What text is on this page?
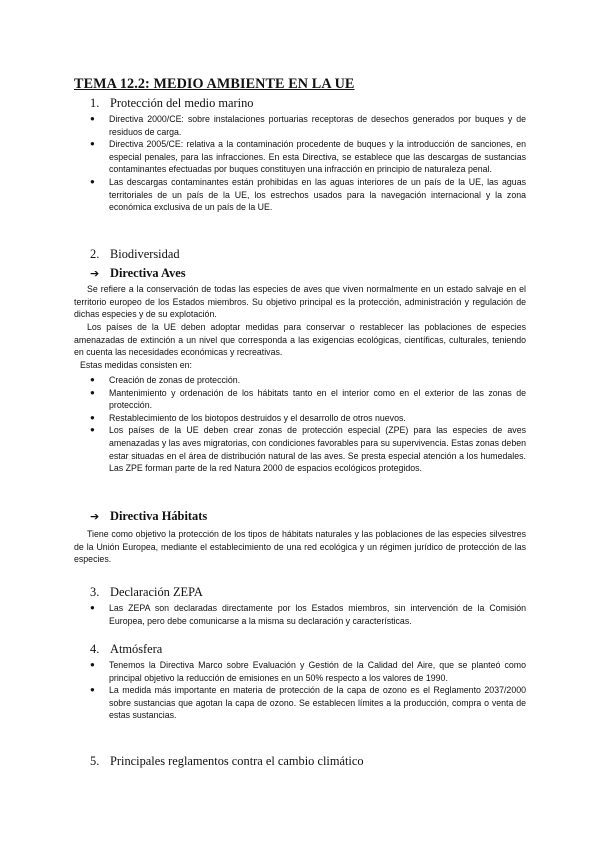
TEMA 12.2: MEDIO AMBIENTE EN LA UE
1. Protección del medio marino
● Directiva 2000/CE: sobre instalaciones portuarias receptoras de desechos generados por buques y de residuos de carga.
● Directiva 2005/CE: relativa a la contaminación procedente de buques y la introducción de sanciones, en especial penales, para las infracciones. En esta Directiva, se establece que las descargas de sustancias contaminantes efectuadas por buques constituyen una infracción en principio de naturaleza penal.
● Las descargas contaminantes están prohibidas en las aguas interiores de un país de la UE, las aguas territoriales de un país de la UE, los estrechos usados para la navegación internacional y la zona económica exclusiva de un país de la UE.
2. Biodiversidad
➔ Directiva Aves

Se refiere a la conservación de todas las especies de aves que viven normalmente en un estado salvaje en el territorio europeo de los Estados miembros. Su objetivo principal es la protección, administración y regulación de dichas especies y de su explotación.

Los países de la UE deben adoptar medidas para conservar o restablecer las poblaciones de especies amenazadas de extinción a un nivel que corresponda a las exigencias ecológicas, científicas, culturales, teniendo en cuenta las necesidades económicas y recreativas.

Estas medidas consisten en:

● Creación de zonas de protección.
● Mantenimiento y ordenación de los hábitats tanto en el interior como en el exterior de las zonas de protección.
● Restablecimiento de los biotopos destruidos y el desarrollo de otros nuevos.
● Los países de la UE deben crear zonas de protección especial (ZPE) para las especies de aves amenazadas y las aves migratorias, con condiciones favorables para su supervivencia. Estas zonas deben estar situadas en el área de distribución natural de las aves. Se presta especial atención a los humedales. Las ZPE forman parte de la red Natura 2000 de espacios ecológicos protegidos.
➔ Directiva Hábitats

Tiene como objetivo la protección de los tipos de hábitats naturales y las poblaciones de las especies silvestres de la Unión Europea, mediante el establecimiento de una red ecológica y un régimen jurídico de protección de las especies.

3. Declaración ZEPA
● Las ZEPA son declaradas directamente por los Estados miembros, sin intervención de la Comisión Europea, pero debe comunicarse a la misma su declaración y características.
4. Atmósfera
● Tenemos la Directiva Marco sobre Evaluación y Gestión de la Calidad del Aire, que se planteó como principal objetivo la reducción de emisiones en un 50% respecto a los valores de 1990.
● La medida más importante en materia de protección de la capa de ozono es el Reglamento 2037/2000 sobre sustancias que agotan la capa de ozono. Se establecen límites a la producción, compra o venta de estas sustancias.
5. Principales reglamentos contra el cambio climático
